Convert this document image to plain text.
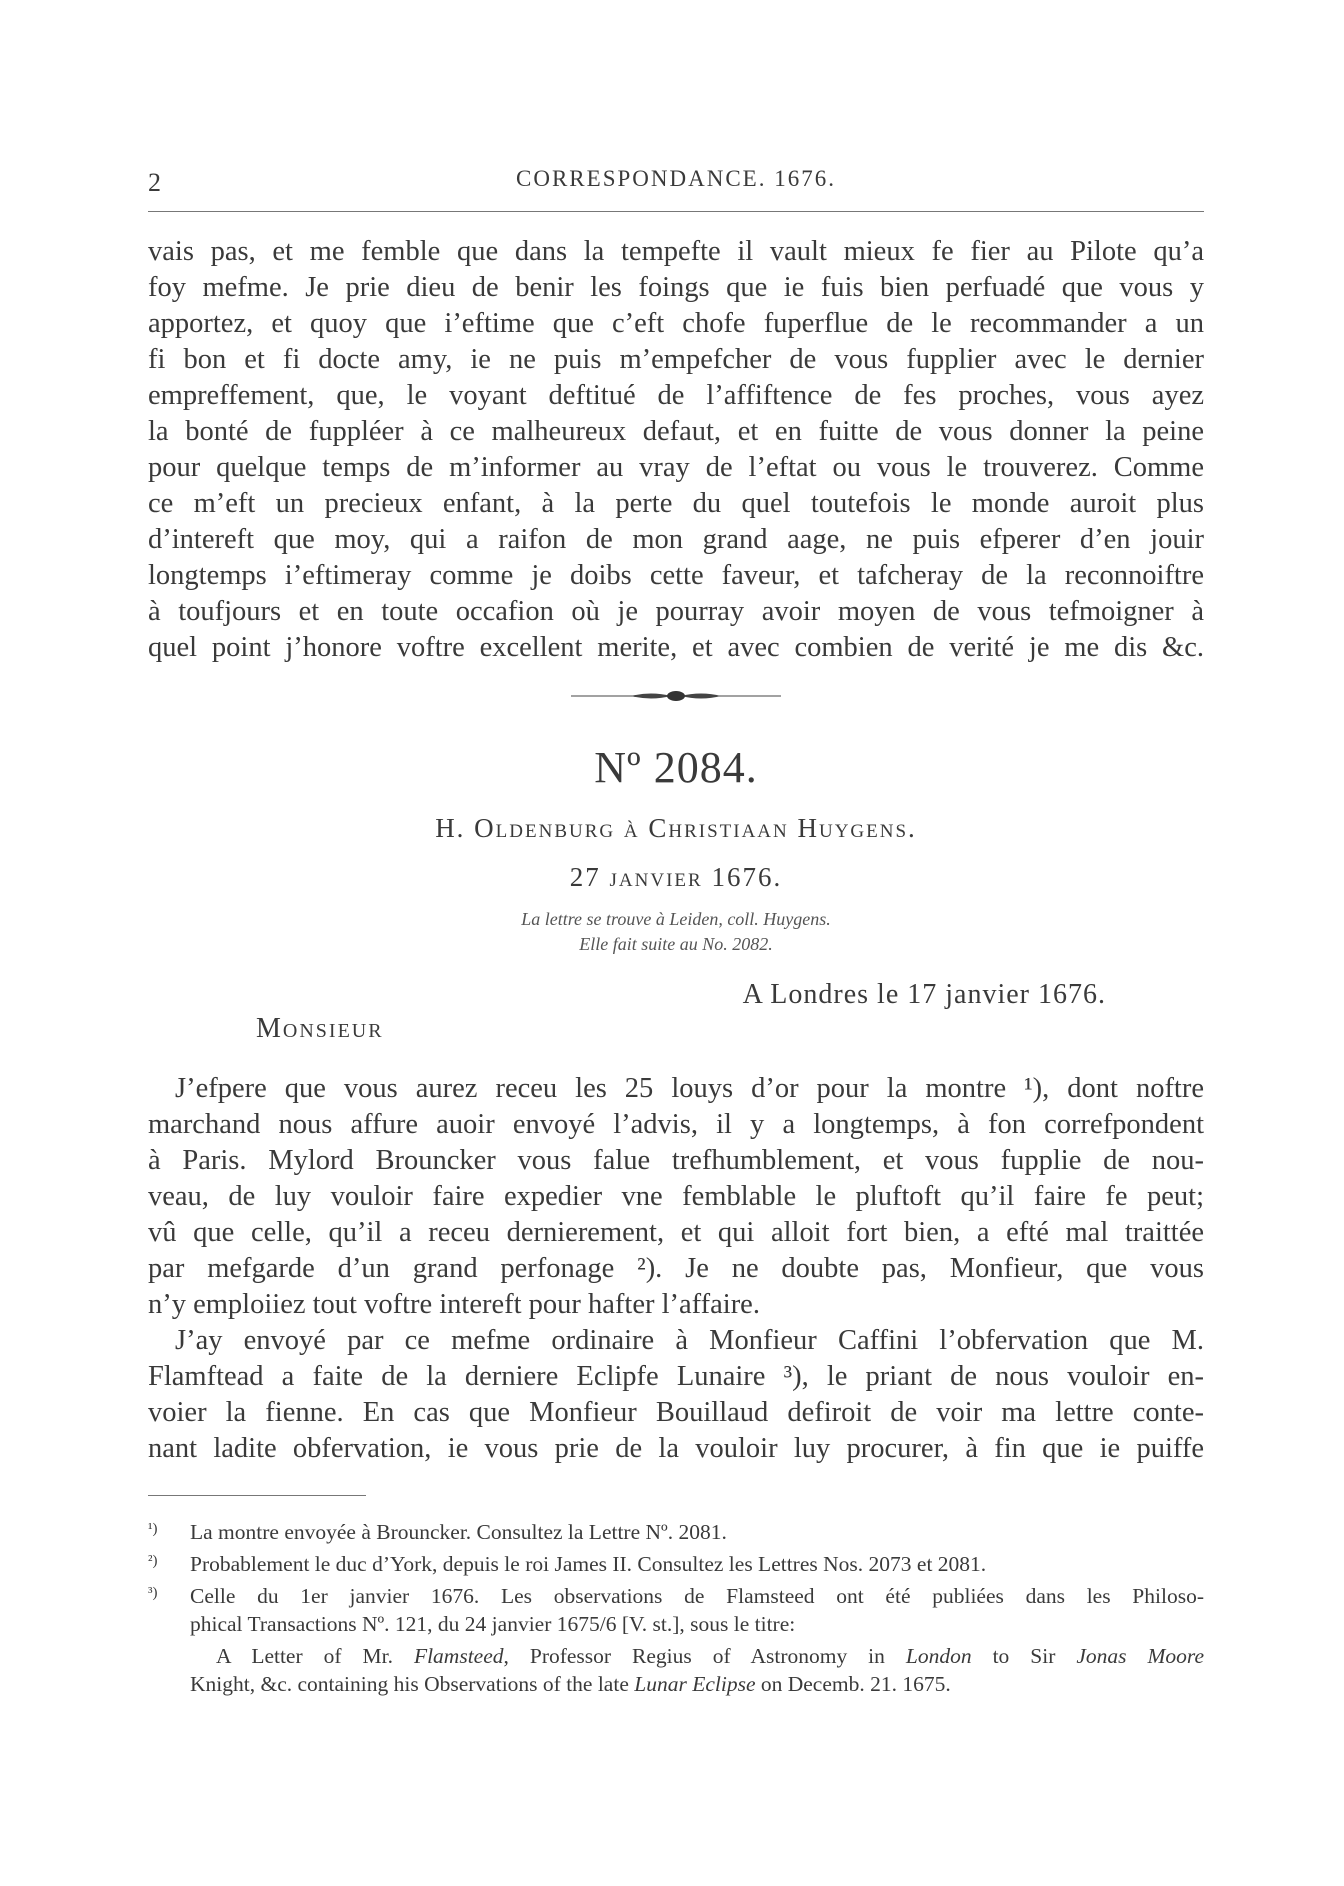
2	CORRESPONDANCE. 1676.

vais pas, et me femble que dans la tempefte il vault mieux fe fier au Pilote qu’a

foy mefme. Je prie dieu de benir les foings que ie fuis bien perfuadé que vous y

apportez, et quoy que i’eftime que c’eft chofe fuperflue de le recommander a un

fi bon et fi docte amy, ie ne puis m’empefcher de vous fupplier avec le dernier

empreffement, que, le voyant deftitué de l’affiftence de fes proches, vous ayez

la bonté de fuppléer à ce malheureux defaut, et en fuitte de vous donner la peine

pour quelque temps de m’informer au vray de l’eftat ou vous le trouverez. Comme

ce m’eft un precieux enfant, à la perte du quel toutefois le monde auroit plus

d’intereft que moy, qui a raifon de mon grand aage, ne puis efperer d’en jouir

longtemps i’eftimeray comme je doibs cette faveur, et tafcheray de la reconnoiftre

à toufjours et en toute occafion où je pourray avoir moyen de vous tefmoigner à

quel point j’honore voftre excellent merite, et avec combien de verité je me dis &c.

Nº 2084.
H. Oldenburg à Christiaan Huygens.
27 janvier 1676.
La lettre se trouve à Leiden, coll. Huygens.
Elle fait suite au No. 2082.
A Londres le 17 janvier 1676.
Monsieur
J’efpere que vous aurez receu les 25 louys d’or pour la montre ¹), dont noftre
marchand nous affure auoir envoyé l’advis, il y a longtemps, à fon correfpondent
à Paris. Mylord Brouncker vous falue trefhumblement, et vous fupplie de nou-
veau, de luy vouloir faire expedier vne femblable le pluftoft qu’il faire fe peut;
vû que celle, qu’il a receu dernierement, et qui alloit fort bien, a efté mal traittée
par mefgarde d’un grand perfonage ²). Je ne doubte pas, Monfieur, que vous
n’y emploiiez tout voftre intereft pour hafter l’affaire.
J’ay envoyé par ce mefme ordinaire à Monfieur Caffini l’obfervation que M.
Flamftead a faite de la derniere Eclipfe Lunaire ³), le priant de nous vouloir en-
voier la fienne. En cas que Monfieur Bouillaud defiroit de voir ma lettre conte-
nant ladite obfervation, ie vous prie de la vouloir luy procurer, à fin que ie puiffe
¹)	La montre envoyée à Brouncker. Consultez la Lettre Nº. 2081.
²)	Probablement le duc d’York, depuis le roi James II. Consultez les Lettres Nos. 2073 et 2081.
³)	Celle du 1er janvier 1676. Les observations de Flamsteed ont été publiées dans les Philoso-
phical Transactions Nº. 121, du 24 janvier 1675/6 [V. st.], sous le titre:
A Letter of Mr. Flamsteed, Professor Regius of Astronomy in London to Sir Jonas Moore
Knight, &c. containing his Observations of the late Lunar Eclipse on Decemb. 21. 1675.
